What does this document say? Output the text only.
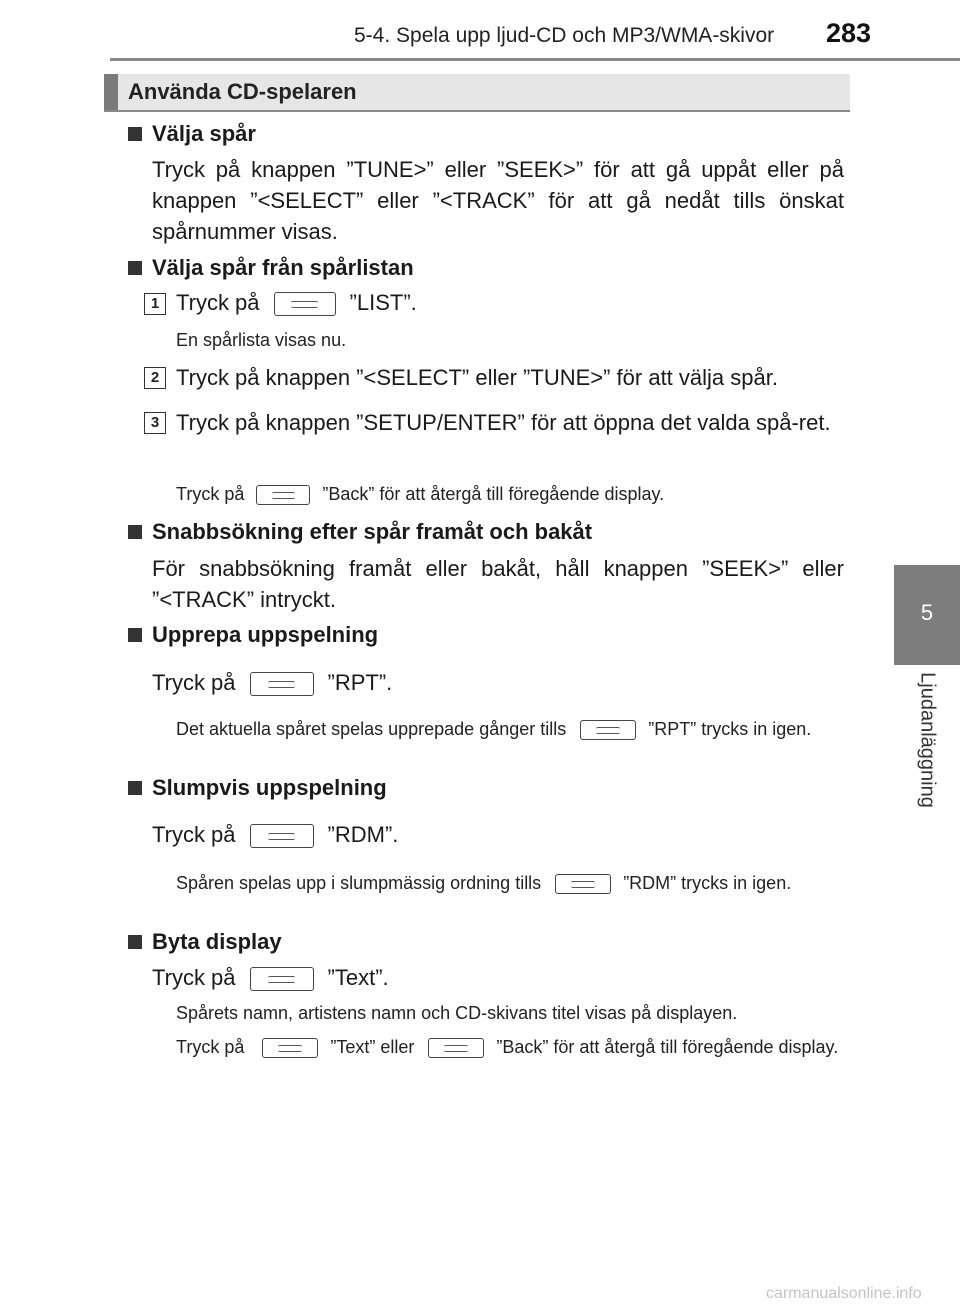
5-4. Spela upp ljud-CD och MP3/WMA-skivor 283
5
Ljudanläggning
Använda CD-spelaren
Välja spår
Tryck på knappen ”TUNE>” eller ”SEEK>” för att gå uppåt eller på knappen ”<SELECT” eller ”<TRACK” för att gå nedåt tills önskat spårnummer visas.
Välja spår från spårlistan
1 Tryck på	”LIST”.
En spårlista visas nu.
2 Tryck på knappen ”<SELECT” eller ”TUNE>” för att välja spår.
3 Tryck på knappen ”SETUP/ENTER” för att öppna det valda spå-ret.
Tryck på	”Back” för att återgå till föregående display.
Snabbsökning efter spår framåt och bakåt
För snabbsökning framåt eller bakåt, håll knappen ”SEEK>” eller ”<TRACK” intryckt.
Upprepa uppspelning
Tryck på	”RPT”.
Det aktuella spåret spelas upprepade gånger tills	”RPT” trycks in igen.
Slumpvis uppspelning
Tryck på	”RDM”.
Spåren spelas upp i slumpmässig ordning tills	”RDM” trycks in igen.
Byta display
Tryck på	”Text”.
Spårets namn, artistens namn och CD-skivans titel visas på displayen.
Tryck på	”Text” eller	”Back” för att återgå till föregående display.
carmanualsonline.info
